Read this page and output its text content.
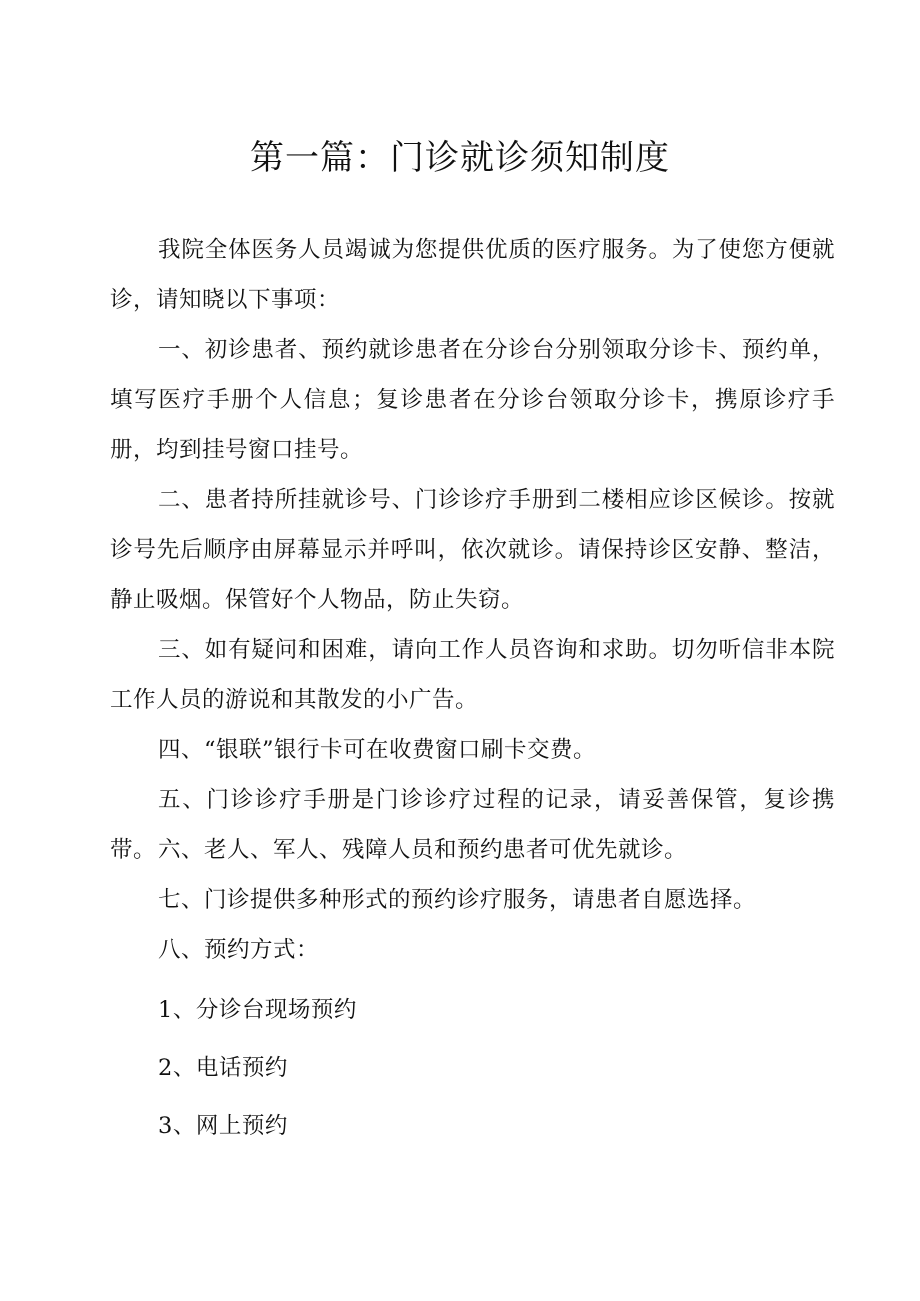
第一篇：门诊就诊须知制度

我院全体医务人员竭诚为您提供优质的医疗服务。为了使您方便就诊，请知晓以下事项：

一、初诊患者、预约就诊患者在分诊台分别领取分诊卡、预约单，填写医疗手册个人信息；复诊患者在分诊台领取分诊卡，携原诊疗手册，均到挂号窗口挂号。

二、患者持所挂就诊号、门诊诊疗手册到二楼相应诊区候诊。按就诊号先后顺序由屏幕显示并呼叫，依次就诊。请保持诊区安静、整洁，静止吸烟。保管好个人物品，防止失窃。

三、如有疑问和困难，请向工作人员咨询和求助。切勿听信非本院工作人员的游说和其散发的小广告。

四、“银联”银行卡可在收费窗口刷卡交费。

五、门诊诊疗手册是门诊诊疗过程的记录，请妥善保管，复诊携带。 六、老人、军人、残障人员和预约患者可优先就诊。

七、门诊提供多种形式的预约诊疗服务，请患者自愿选择。

八、预约方式：

1、分诊台现场预约

2、电话预约

3、网上预约
